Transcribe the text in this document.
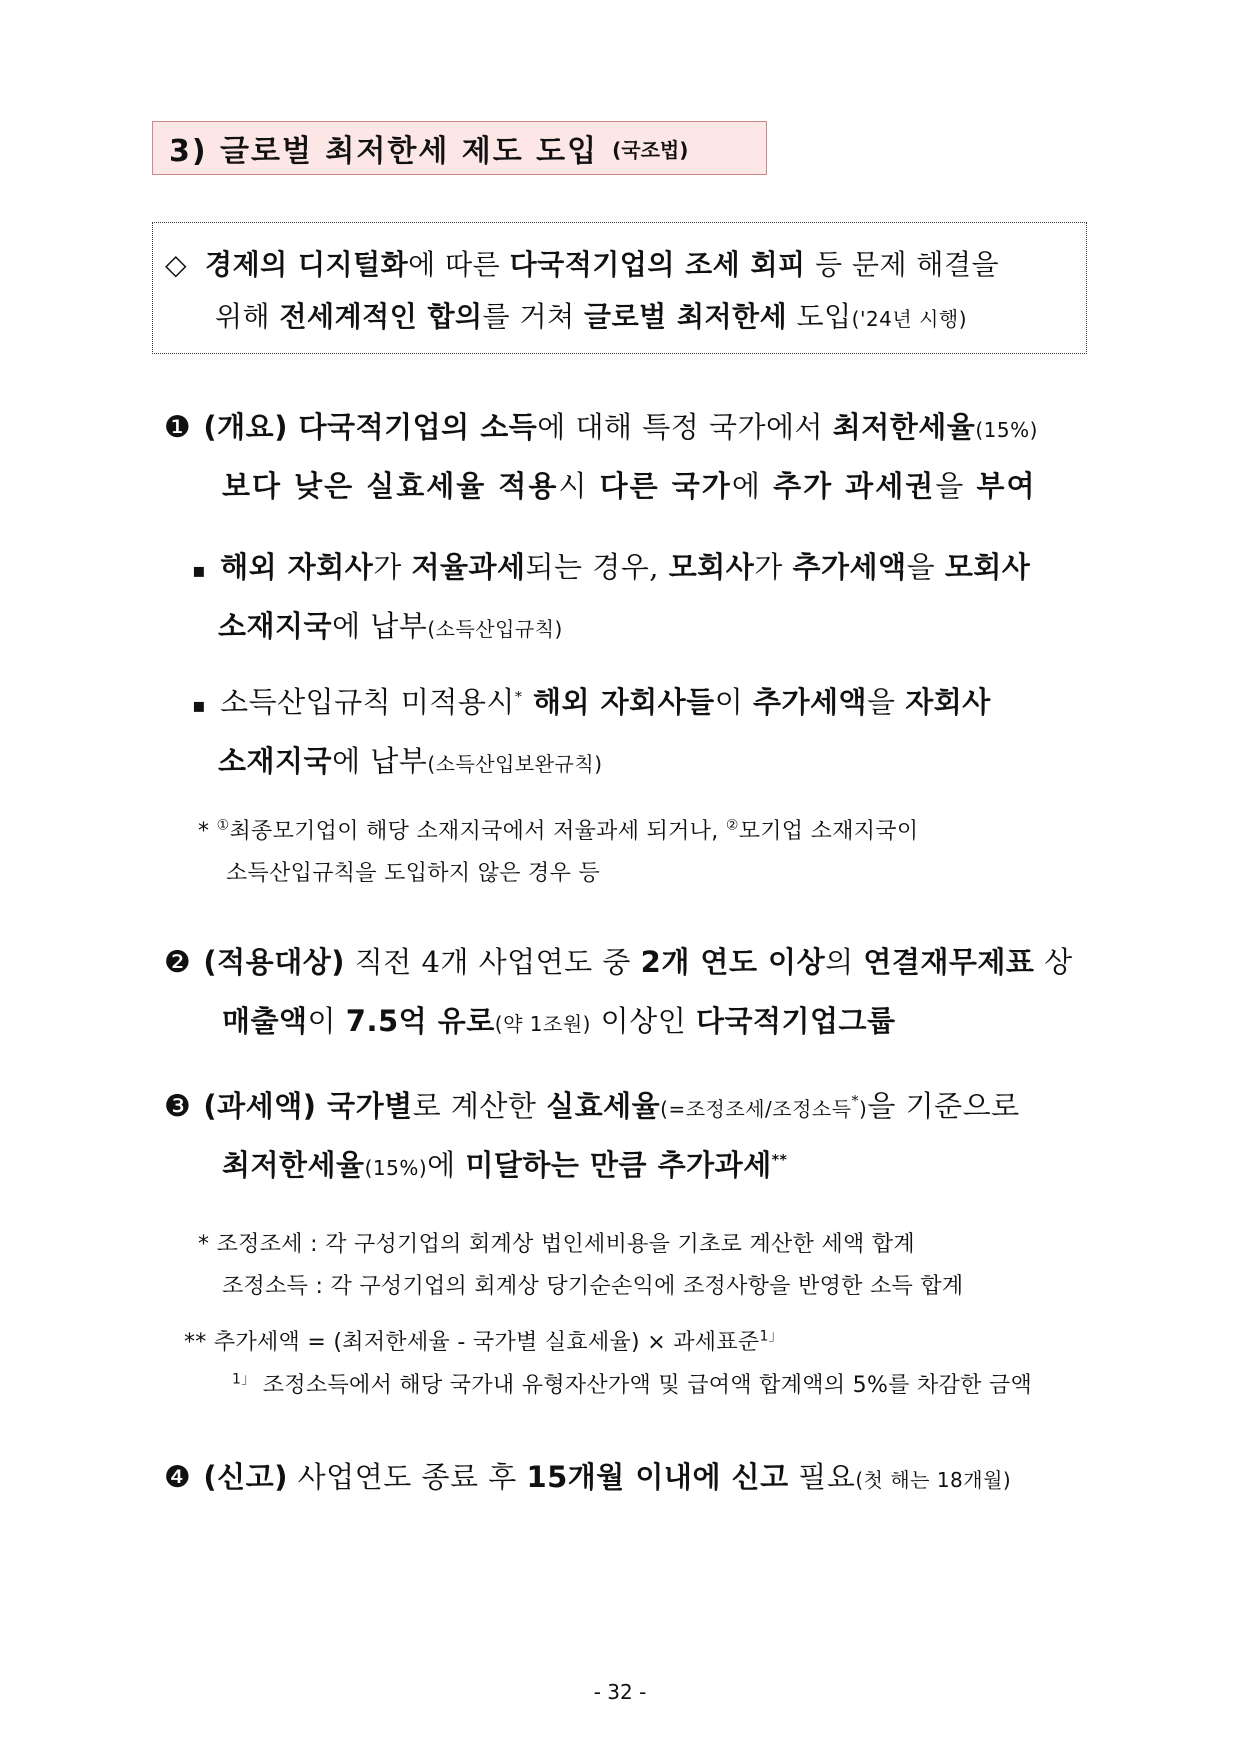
3) 글로벌 최저한세 제도 도입 (국조법)
◇ 경제의 디지털화에 따른 다국적기업의 조세 회피 등 문제 해결을
위해 전세계적인 합의를 거쳐 글로벌 최저한세 도입('24년 시행)
❶ (개요) 다국적기업의 소득에 대해 특정 국가에서 최저한세율(15%)
보다 낮은 실효세율 적용시 다른 국가에 추가 과세권을 부여
▪ 해외 자회사가 저율과세되는 경우, 모회사가 추가세액을 모회사
소재지국에 납부(소득산입규칙)
▪ 소득산입규칙 미적용시* 해외 자회사들이 추가세액을 자회사
소재지국에 납부(소득산입보완규칙)
* ①최종모기업이 해당 소재지국에서 저율과세 되거나, ②모기업 소재지국이
소득산입규칙을 도입하지 않은 경우 등
❷ (적용대상) 직전 4개 사업연도 중 2개 연도 이상의 연결재무제표 상
매출액이 7.5억 유로(약 1조원) 이상인 다국적기업그룹
❸ (과세액) 국가별로 계산한 실효세율(=조정조세/조정소득*)을 기준으로
최저한세율(15%)에 미달하는 만큼 추가과세**
* 조정조세 : 각 구성기업의 회계상 법인세비용을 기초로 계산한 세액 합계
조정소득 : 각 구성기업의 회계상 당기순손익에 조정사항을 반영한 소득 합계
** 추가세액 = (최저한세율 - 국가별 실효세율) × 과세표준$^{1」}$
$^{1」}$ 조정소득에서 해당 국가내 유형자산가액 및 급여액 합계액의 5%를 차감한 금액
❹ (신고) 사업연도 종료 후 15개월 이내에 신고 필요(첫 해는 18개월)
- 32 -
